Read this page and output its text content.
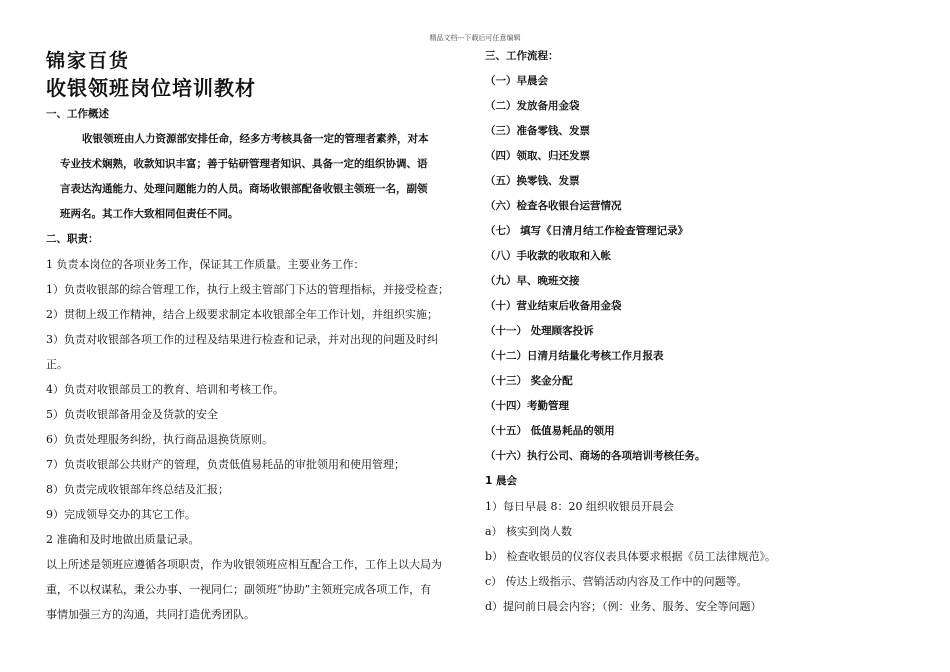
精品文档---下载后可任意编辑
锦家百货
收银领班岗位培训教材
一、工作概述
收银领班由人力资源部安排任命，经多方考核具备一定的管理者素养，对本
专业技术娴熟，收款知识丰富；善于钻研管理者知识、具备一定的组织协调、语
言表达沟通能力、处理问题能力的人员。商场收银部配备收银主领班一名，副领
班两名。其工作大致相同但责任不同。
二、职责：
1 负责本岗位的各项业务工作，保证其工作质量。主要业务工作：
1）负责收银部的综合管理工作，执行上级主管部门下达的管理指标，并接受检查；
2）贯彻上级工作精神，结合上级要求制定本收银部全年工作计划，并组织实施；
3）负责对收银部各项工作的过程及结果进行检查和记录，并对出现的问题及时纠
正。
4）负责对收银部员工的教育、培训和考核工作。
5）负责收银部备用金及货款的安全
6）负责处理服务纠纷，执行商品退换货原则。
7）负责收银部公共财产的管理，负责低值易耗品的审批领用和使用管理；
8）负责完成收银部年终总结及汇报；
9）完成领导交办的其它工作。
2 准确和及时地做出质量记录。
以上所述是领班应遵循各项职责，作为收银领班应相互配合工作，工作上以大局为
重，不以权谋私，秉公办事、一视同仁；副领班“协助”主领班完成各项工作，有
事情加强三方的沟通，共同打造优秀团队。
三、工作流程：
（一）早晨会
（二）发放备用金袋
（三）准备零钱、发票
（四）领取、归还发票
（五）换零钱、发票
（六）检查各收银台运营情况
（七） 填写《日清月结工作检查管理记录》
（八）手收款的收取和入帐
（九）早、晚班交接
（十）营业结束后收备用金袋
（十一） 处理顾客投诉
（十二）日清月结量化考核工作月报表
（十三） 奖金分配
（十四）考勤管理
（十五） 低值易耗品的领用
（十六）执行公司、商场的各项培训考核任务。
1 晨会
1）每日早晨 8：20 组织收银员开晨会
a） 核实到岗人数
b） 检查收银员的仪容仪表具体要求根据《员工法律规范》。
c） 传达上级指示、营销活动内容及工作中的问题等。
d）提问前日晨会内容；（例：业务、服务、安全等问题）
